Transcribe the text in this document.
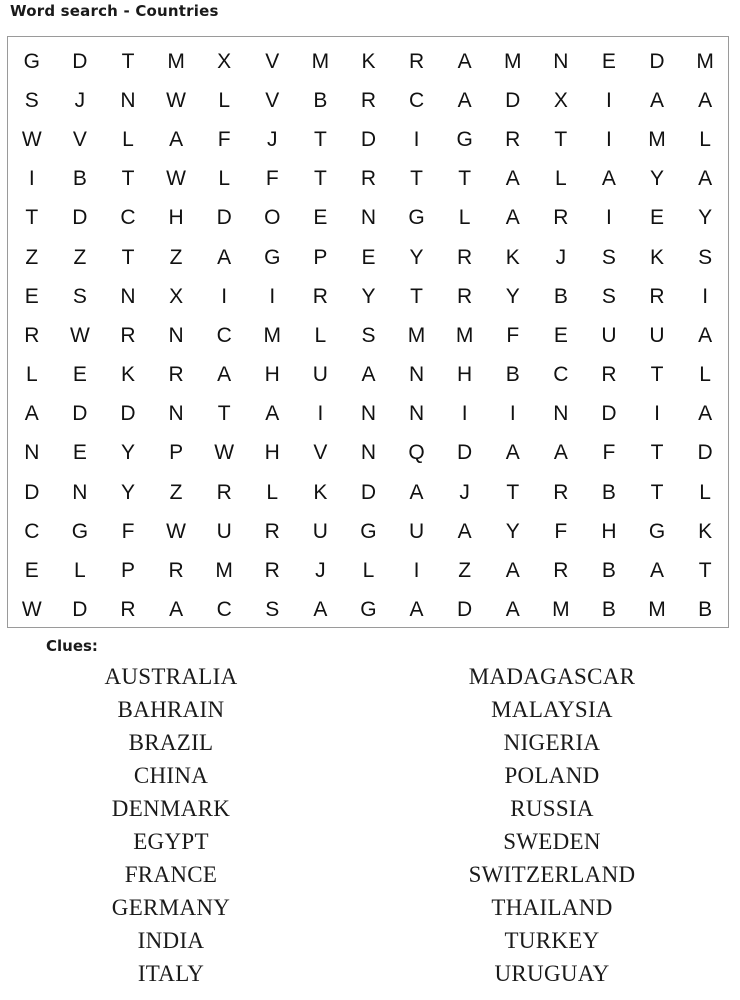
Word search - Countries
G	D	T	M	X	V	M	K	R	A	M	N	E	D	M
S	J	N	W	L	V	B	R	C	A	D	X	I	A	A
W	V	L	A	F	J	T	D	I	G	R	T	I	M	L
I	B	T	W	L	F	T	R	T	T	A	L	A	Y	A
T	D	C	H	D	O	E	N	G	L	A	R	I	E	Y
Z	Z	T	Z	A	G	P	E	Y	R	K	J	S	K	S
E	S	N	X	I	I	R	Y	T	R	Y	B	S	R	I
R	W	R	N	C	M	L	S	M	M	F	E	U	U	A
L	E	K	R	A	H	U	A	N	H	B	C	R	T	L
A	D	D	N	T	A	I	N	N	I	I	N	D	I	A
N	E	Y	P	W	H	V	N	Q	D	A	A	F	T	D
D	N	Y	Z	R	L	K	D	A	J	T	R	B	T	L
C	G	F	W	U	R	U	G	U	A	Y	F	H	G	K
E	L	P	R	M	R	J	L	I	Z	A	R	B	A	T
W	D	R	A	C	S	A	G	A	D	A	M	B	M	B
Clues:
AUSTRALIA
BAHRAIN
BRAZIL
CHINA
DENMARK
EGYPT
FRANCE
GERMANY
INDIA
ITALY
MADAGASCAR
MALAYSIA
NIGERIA
POLAND
RUSSIA
SWEDEN
SWITZERLAND
THAILAND
TURKEY
URUGUAY
